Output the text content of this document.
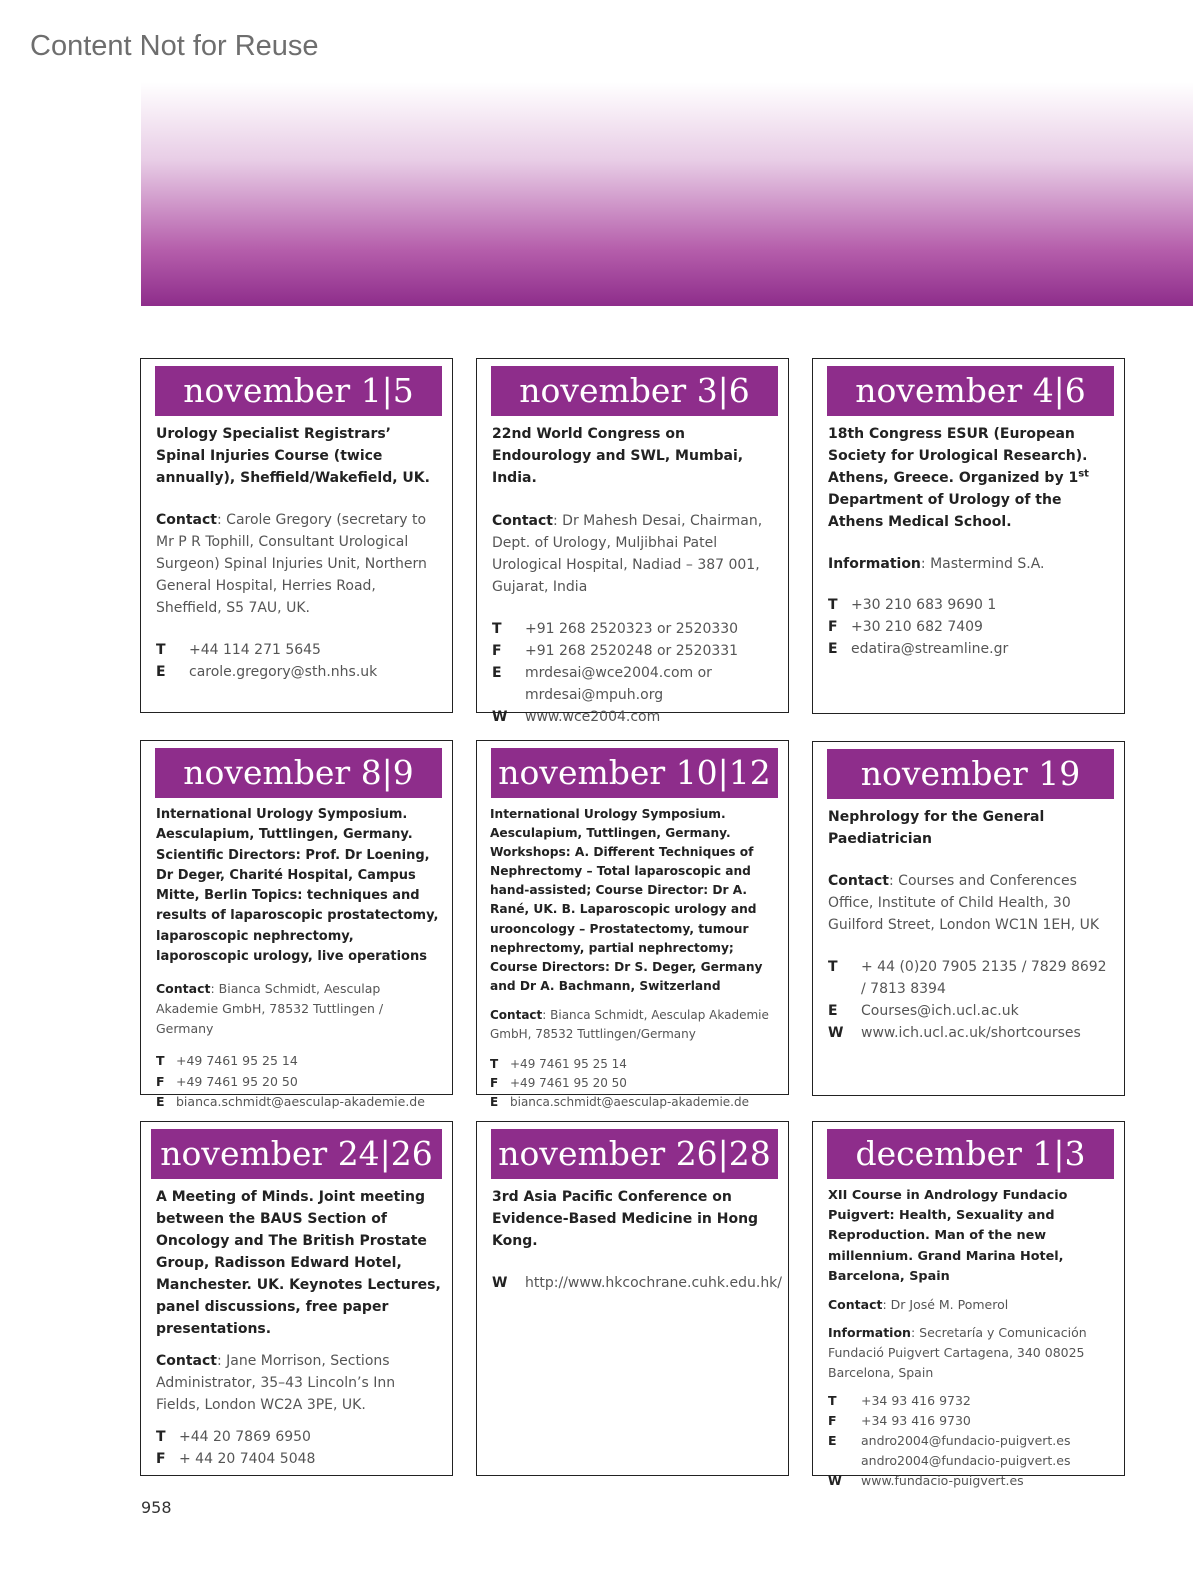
Content Not for Reuse
november 1|5
Urology Specialist Registrars’ Spinal Injuries Course (twice annually), Sheffield/Wakefield, UK.
Contact: Carole Gregory (secretary to Mr P R Tophill, Consultant Urological Surgeon) Spinal Injuries Unit, Northern General Hospital, Herries Road, Sheffield, S5 7AU, UK.
T	+44 114 271 5645
E	carole.gregory@sth.nhs.uk
november 3|6
22nd World Congress on Endourology and SWL, Mumbai, India.
Contact: Dr Mahesh Desai, Chairman, Dept. of Urology, Muljibhai Patel Urological Hospital, Nadiad – 387 001, Gujarat, India
T	+91 268 2520323 or 2520330
F	+91 268 2520248 or 2520331
E	mrdesai@wce2004.com or mrdesai@mpuh.org
W	www.wce2004.com
november 4|6
18th Congress ESUR (European Society for Urological Research). Athens, Greece. Organized by 1st Department of Urology of the Athens Medical School.
Information: Mastermind S.A.
T +30 210 683 9690 1
F +30 210 682 7409
E edatira@streamline.gr
november 8|9
International Urology Symposium. Aesculapium, Tuttlingen, Germany. Scientific Directors: Prof. Dr Loening, Dr Deger, Charité Hospital, Campus Mitte, Berlin Topics: techniques and results of laparoscopic prostatectomy, laparoscopic nephrectomy, laporoscopic urology, live operations
Contact: Bianca Schmidt, Aesculap Akademie GmbH, 78532 Tuttlingen / Germany
T +49 7461 95 25 14
F +49 7461 95 20 50
E bianca.schmidt@aesculap-akademie.de
november 10|12
International Urology Symposium. Aesculapium, Tuttlingen, Germany. Workshops: A. Different Techniques of Nephrectomy – Total laparoscopic and hand-assisted; Course Director: Dr A. Rané, UK. B. Laparoscopic urology and urooncology – Prostatectomy, tumour nephrectomy, partial nephrectomy; Course Directors: Dr S. Deger, Germany and Dr A. Bachmann, Switzerland
Contact: Bianca Schmidt, Aesculap Akademie GmbH, 78532 Tuttlingen/Germany
T +49 7461 95 25 14
F +49 7461 95 20 50
E bianca.schmidt@aesculap-akademie.de
november 19
Nephrology for the General Paediatrician
Contact: Courses and Conferences Office, Institute of Child Health, 30 Guilford Street, London WC1N 1EH, UK
T	+ 44 (0)20 7905 2135 / 7829 8692 / 7813 8394
E	Courses@ich.ucl.ac.uk
W	www.ich.ucl.ac.uk/shortcourses
november 24|26
A Meeting of Minds. Joint meeting between the BAUS Section of Oncology and The British Prostate Group, Radisson Edward Hotel, Manchester. UK. Keynotes Lectures, panel discussions, free paper presentations.
Contact: Jane Morrison, Sections Administrator, 35–43 Lincoln’s Inn Fields, London WC2A 3PE, UK.
T +44 20 7869 6950
F + 44 20 7404 5048
november 26|28
3rd Asia Pacific Conference on Evidence-Based Medicine in Hong Kong.
W	http://www.hkcochrane.cuhk.edu.hk/
december 1|3
XII Course in Andrology Fundacio Puigvert: Health, Sexuality and Reproduction. Man of the new millennium. Grand Marina Hotel, Barcelona, Spain
Contact: Dr José M. Pomerol
Information: Secretaría y Comunicación Fundació Puigvert Cartagena, 340 08025 Barcelona, Spain
T	+34 93 416 9732
F	+34 93 416 9730
E	andro2004@fundacio-puigvert.es andro2004@fundacio-puigvert.es
W	www.fundacio-puigvert.es
958
